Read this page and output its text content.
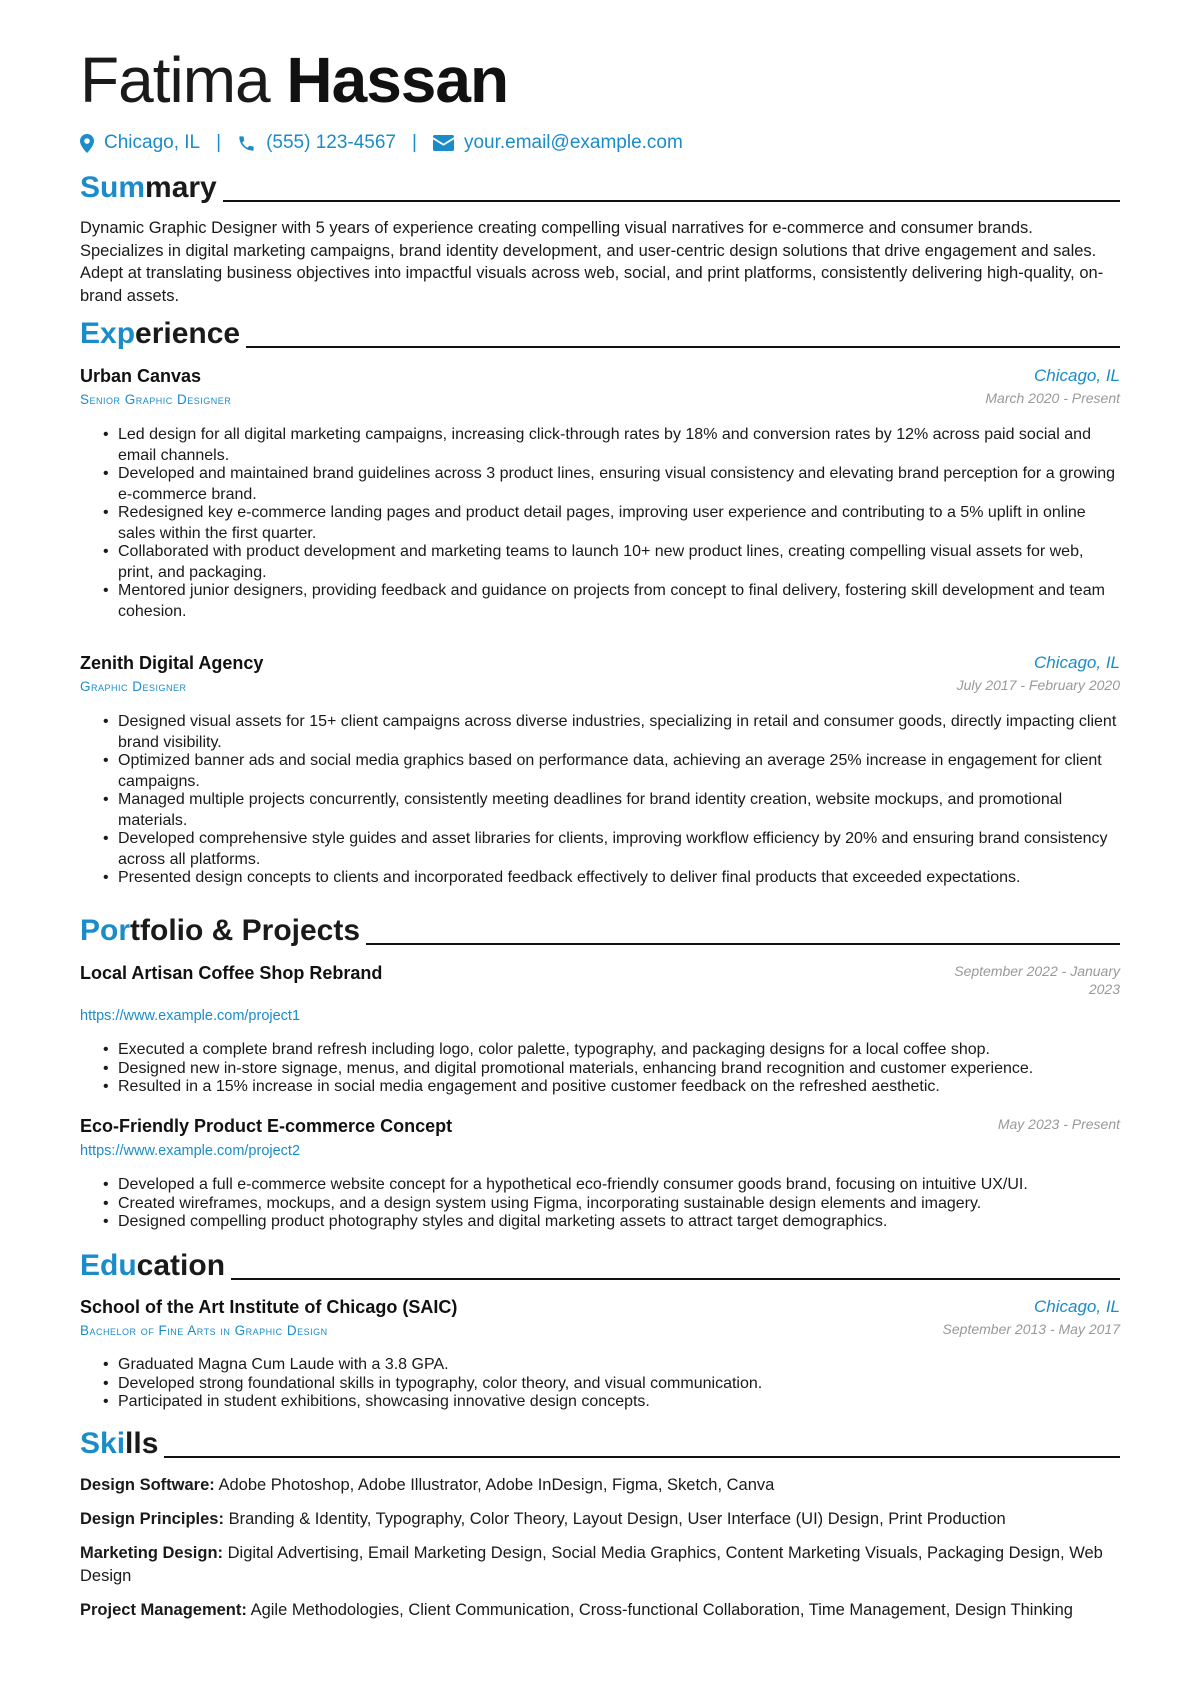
Fatima Hassan
Chicago, IL | (555) 123-4567 | your.email@example.com
Summary
Dynamic Graphic Designer with 5 years of experience creating compelling visual narratives for e-commerce and consumer brands. Specializes in digital marketing campaigns, brand identity development, and user-centric design solutions that drive engagement and sales. Adept at translating business objectives into impactful visuals across web, social, and print platforms, consistently delivering high-quality, on-brand assets.
Experience
Urban Canvas	Chicago, IL
Senior Graphic Designer	March 2020 - Present
• Led design for all digital marketing campaigns, increasing click-through rates by 18% and conversion rates by 12% across paid social and email channels.
• Developed and maintained brand guidelines across 3 product lines, ensuring visual consistency and elevating brand perception for a growing e-commerce brand.
• Redesigned key e-commerce landing pages and product detail pages, improving user experience and contributing to a 5% uplift in online sales within the first quarter.
• Collaborated with product development and marketing teams to launch 10+ new product lines, creating compelling visual assets for web, print, and packaging.
• Mentored junior designers, providing feedback and guidance on projects from concept to final delivery, fostering skill development and team cohesion.
Zenith Digital Agency	Chicago, IL
Graphic Designer	July 2017 - February 2020
• Designed visual assets for 15+ client campaigns across diverse industries, specializing in retail and consumer goods, directly impacting client brand visibility.
• Optimized banner ads and social media graphics based on performance data, achieving an average 25% increase in engagement for client campaigns.
• Managed multiple projects concurrently, consistently meeting deadlines for brand identity creation, website mockups, and promotional materials.
• Developed comprehensive style guides and asset libraries for clients, improving workflow efficiency by 20% and ensuring brand consistency across all platforms.
• Presented design concepts to clients and incorporated feedback effectively to deliver final products that exceeded expectations.
Portfolio & Projects
Local Artisan Coffee Shop Rebrand	September 2022 - January
2023
https://www.example.com/project1
• Executed a complete brand refresh including logo, color palette, typography, and packaging designs for a local coffee shop.
• Designed new in-store signage, menus, and digital promotional materials, enhancing brand recognition and customer experience.
• Resulted in a 15% increase in social media engagement and positive customer feedback on the refreshed aesthetic.
Eco-Friendly Product E-commerce Concept	May 2023 - Present
https://www.example.com/project2
• Developed a full e-commerce website concept for a hypothetical eco-friendly consumer goods brand, focusing on intuitive UX/UI.
• Created wireframes, mockups, and a design system using Figma, incorporating sustainable design elements and imagery.
• Designed compelling product photography styles and digital marketing assets to attract target demographics.
Education
School of the Art Institute of Chicago (SAIC)	Chicago, IL
Bachelor of Fine Arts in Graphic Design	September 2013 - May 2017
• Graduated Magna Cum Laude with a 3.8 GPA.
• Developed strong foundational skills in typography, color theory, and visual communication.
• Participated in student exhibitions, showcasing innovative design concepts.
Skills
Design Software: Adobe Photoshop, Adobe Illustrator, Adobe InDesign, Figma, Sketch, Canva
Design Principles: Branding & Identity, Typography, Color Theory, Layout Design, User Interface (UI) Design, Print Production
Marketing Design: Digital Advertising, Email Marketing Design, Social Media Graphics, Content Marketing Visuals, Packaging Design, Web Design
Project Management: Agile Methodologies, Client Communication, Cross-functional Collaboration, Time Management, Design Thinking
